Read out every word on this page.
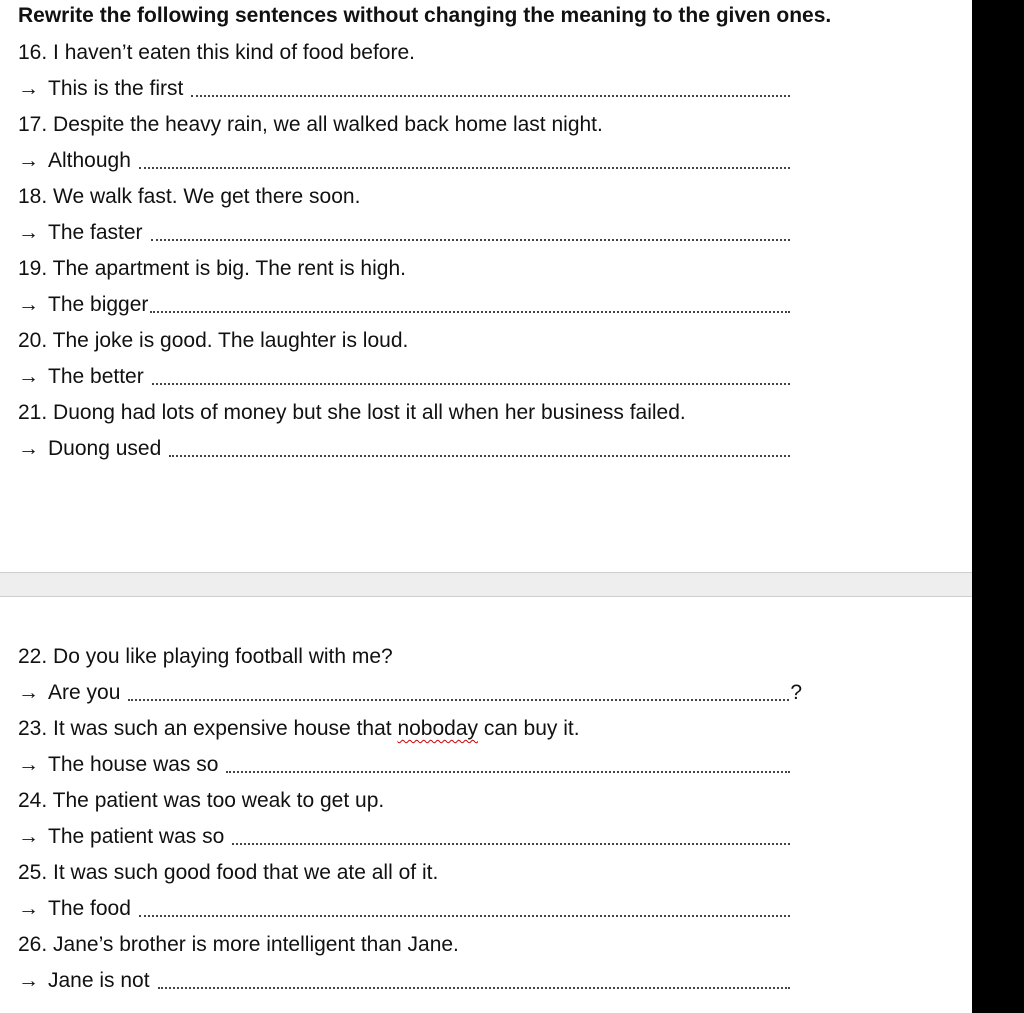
Rewrite the following sentences without changing the meaning to the given ones.
16. I haven’t eaten this kind of food before.
→ This is the first
17. Despite the heavy rain, we all walked back home last night.
→ Although
18. We walk fast. We get there soon.
→ The faster
19. The apartment is big. The rent is high.
→ The bigger
20. The joke is good. The laughter is loud.
→ The better
21. Duong had lots of money but she lost it all when her business failed.
→ Duong used
22. Do you like playing football with me?
→ Are you	?
23. It was such an expensive house that noboday can buy it.
→ The house was so
24. The patient was too weak to get up.
→ The patient was so
25. It was such good food that we ate all of it.
→ The food
26. Jane’s brother is more intelligent than Jane.
→ Jane is not
